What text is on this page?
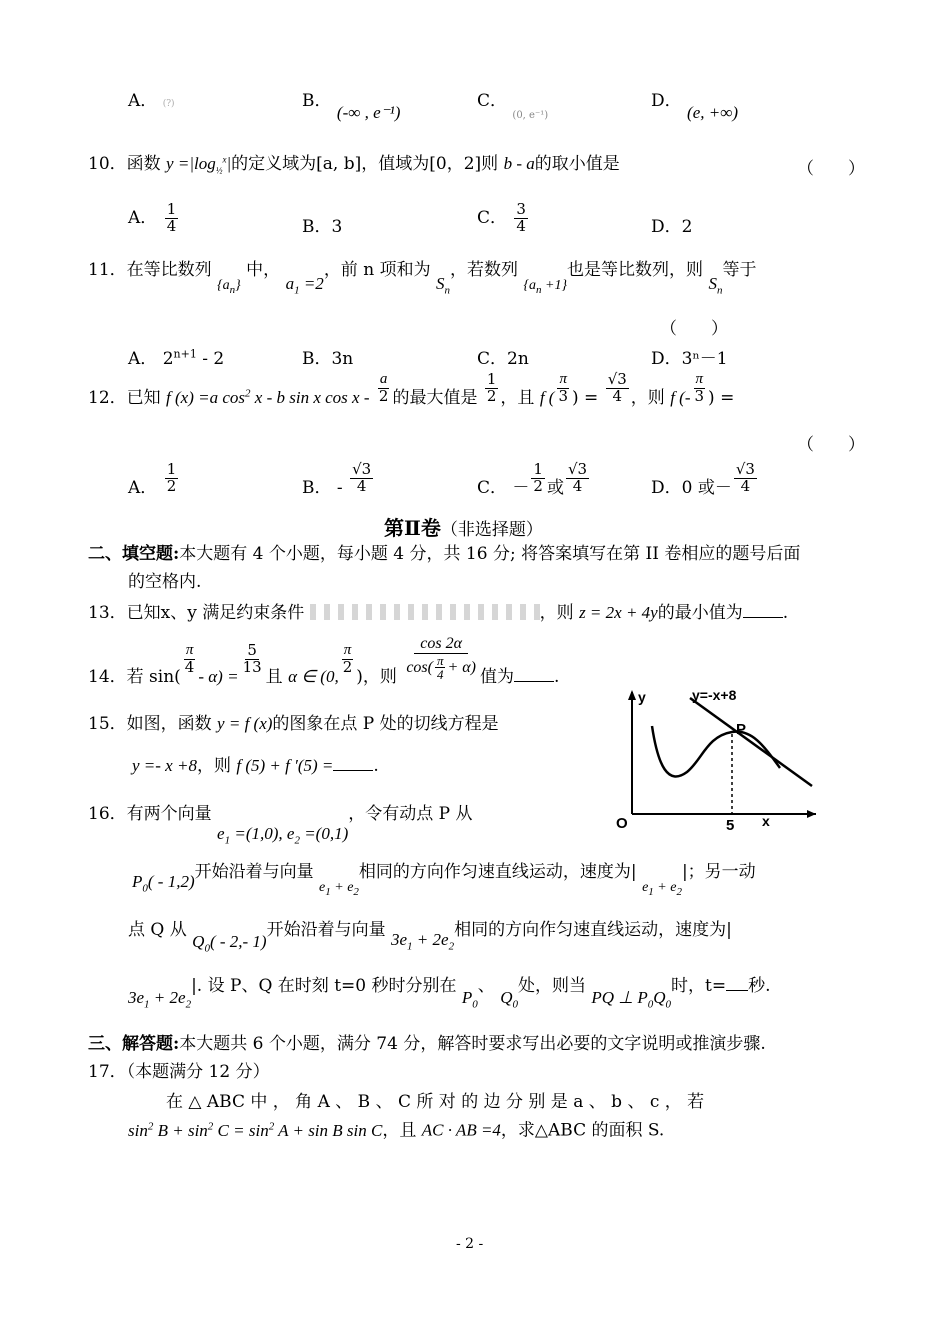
A． (?)	B． (-∞ , e⁻¹)
C． $_{(0, e^{-1})}$
D． (e, +∞)
10．函数 $y =|\log_{\frac{1}{2}}^x|$的定义域为[a, b]，值域为[0，2]则 b - a的取小值是	（　　）
A． $\frac{1}{4}$	B．3	C． $\frac{3}{4}$	D．2
11．在等比数列 $_{\{a_n\}}$ 中， $a_1 =2$，前 n 项和为 $S_n$，若数列 $_{\{a_n +1\}}$也是等比数列，则 $S_n$等于
（　　）
A． $2^{n+1} - 2$	B．3n	C．2n	D．3ⁿ－1
12．已知 f (x) =a $\cos^2 x$ - b sin x cos x - $\frac{a}{2}$ 的最大值是 $\frac{1}{2}$ ，且 f ( $\frac{\pi}{3}$ ) = $\frac{√3}{4}$ ，则 f (- $\frac{\pi}{3}$ ) =
（　　）
A． $\frac{1}{2}$	B． - $\frac{√3}{4}$	C． － $\frac{1}{2}$ 或 $\frac{√3}{4}$	D．0 或－ $\frac{√3}{4}$
第Ⅱ卷（非选择题）
二、填空题:本大题有 4 个小题，每小题 4 分，共 16 分; 将答案填写在第 II 卷相应的题号后面
的空格内.
13．已知x、y 满足约束条件	，则 z = 2x + 4y的最小值为 .
14．若 sin(
$\frac{\pi}{4}$
- α) =
$\frac{5}{13}$
且 α ∈ (0,
$\frac{\pi}{2}$
)，则 $\frac{\cos 2\alpha}{\cos( \frac{\pi}{4} + \alpha)}$ 值为 .
15．如图，函数 y = f (x)的图象在点 P 处的切线方程是
y =- x +8，则 f (5) + f ′(5) = .
y	y=-x+8
P
O	5 x
16．有两个向量 $e_1 =(1,0)$, $e_2 =(0,1)$，令有动点 P 从
$P_0( - 1,2)$开始沿着与向量 $_{e_1 + e_2}$相同的方向作匀速直线运动，速度为| $_{e_1 + e_2}$|；另一动
点 Q 从 $Q_0( - 2,-$ 1)开始沿着与向量 $3e_1 + 2e_2$相同的方向作匀速直线运动，速度为|
$3e_1 + 2e_2|$. 设 P、Q 在时刻 t=0 秒时分别在 $P_0$、 $Q_0$处，则当 PQ ⊥ $P_0Q_0$时，t= 秒.
三、解答题:本大题共 6 个小题，满分 74 分，解答时要求写出必要的文字说明或推演步骤.
17．（本题满分 12 分）
在 △ ABC 中 ， 角 A 、 B 、 C 所 对 的 边 分 别 是 a 、 b 、 c ， 若
$\sin^2 B + \sin^2 C = \sin^2 A + \sin B$ sin C，且 AC · AB =4，求△ABC 的面积 S.
- 2 -
